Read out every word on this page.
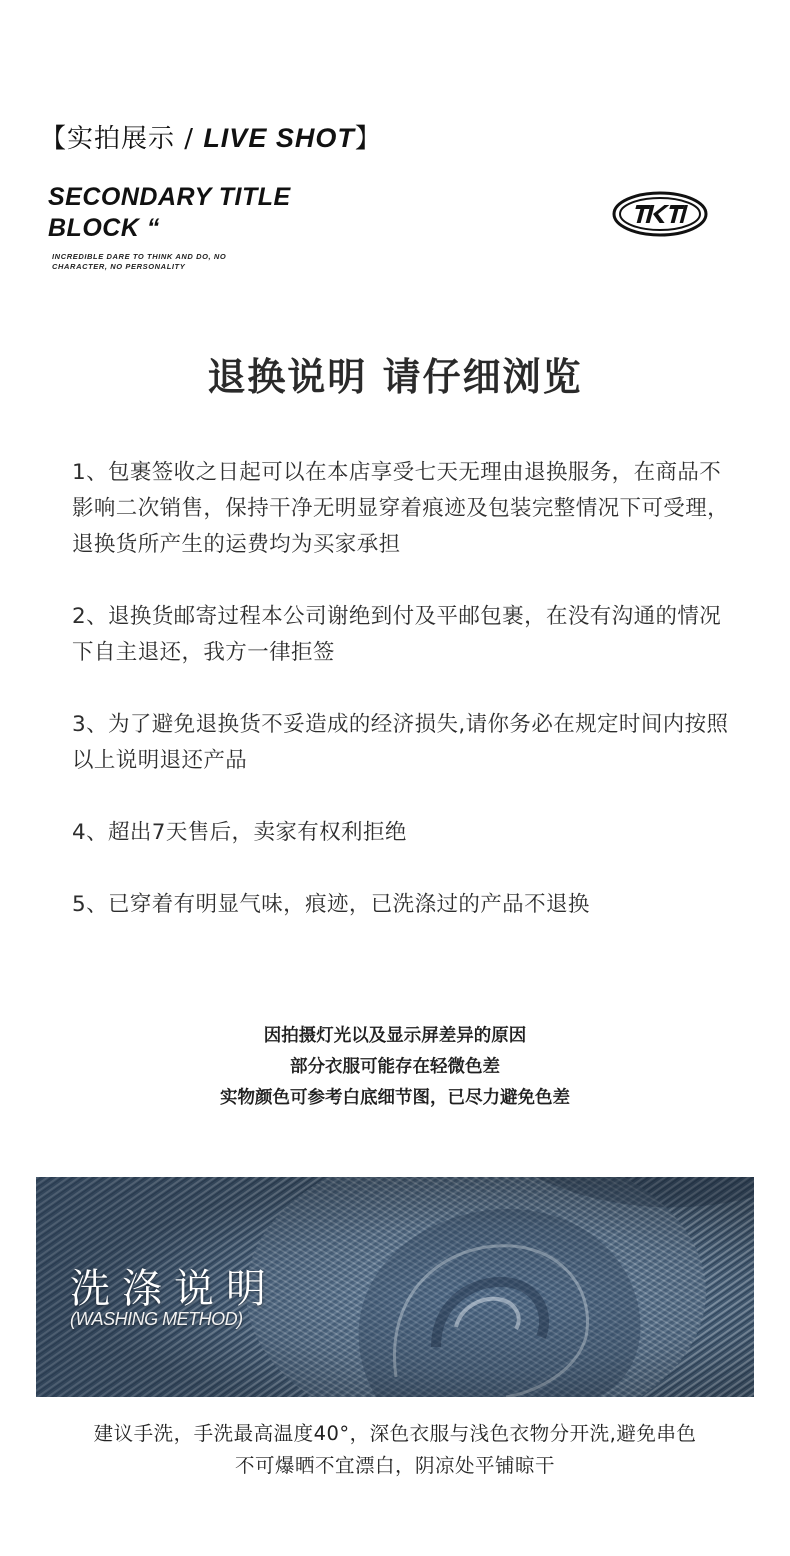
【实拍展示 / LIVE SHOT】
SECONDARY TITLE
BLOCK “
INCREDIBLE DARE TO THINK AND DO, NO
CHARACTER, NO PERSONALITY
退换说明 请仔细浏览

1、包裹签收之日起可以在本店享受七天无理由退换服务，在商品不影响二次销售，保持干净无明显穿着痕迹及包装完整情况下可受理，退换货所产生的运费均为买家承担

2、退换货邮寄过程本公司谢绝到付及平邮包裹，在没有沟通的情况下自主退还，我方一律拒签

3、为了避免退换货不妥造成的经济损失,请你务必在规定时间内按照以上说明退还产品

4、超出7天售后，卖家有权利拒绝

5、已穿着有明显气味，痕迹，已洗涤过的产品不退换

因拍摄灯光以及显示屏差异的原因
部分衣服可能存在轻微色差
实物颜色可参考白底细节图，已尽力避免色差
洗涤说明
(WASHING METHOD)
建议手洗，手洗最高温度40°，深色衣服与浅色衣物分开洗,避免串色
不可爆晒不宜漂白，阴凉处平铺晾干
